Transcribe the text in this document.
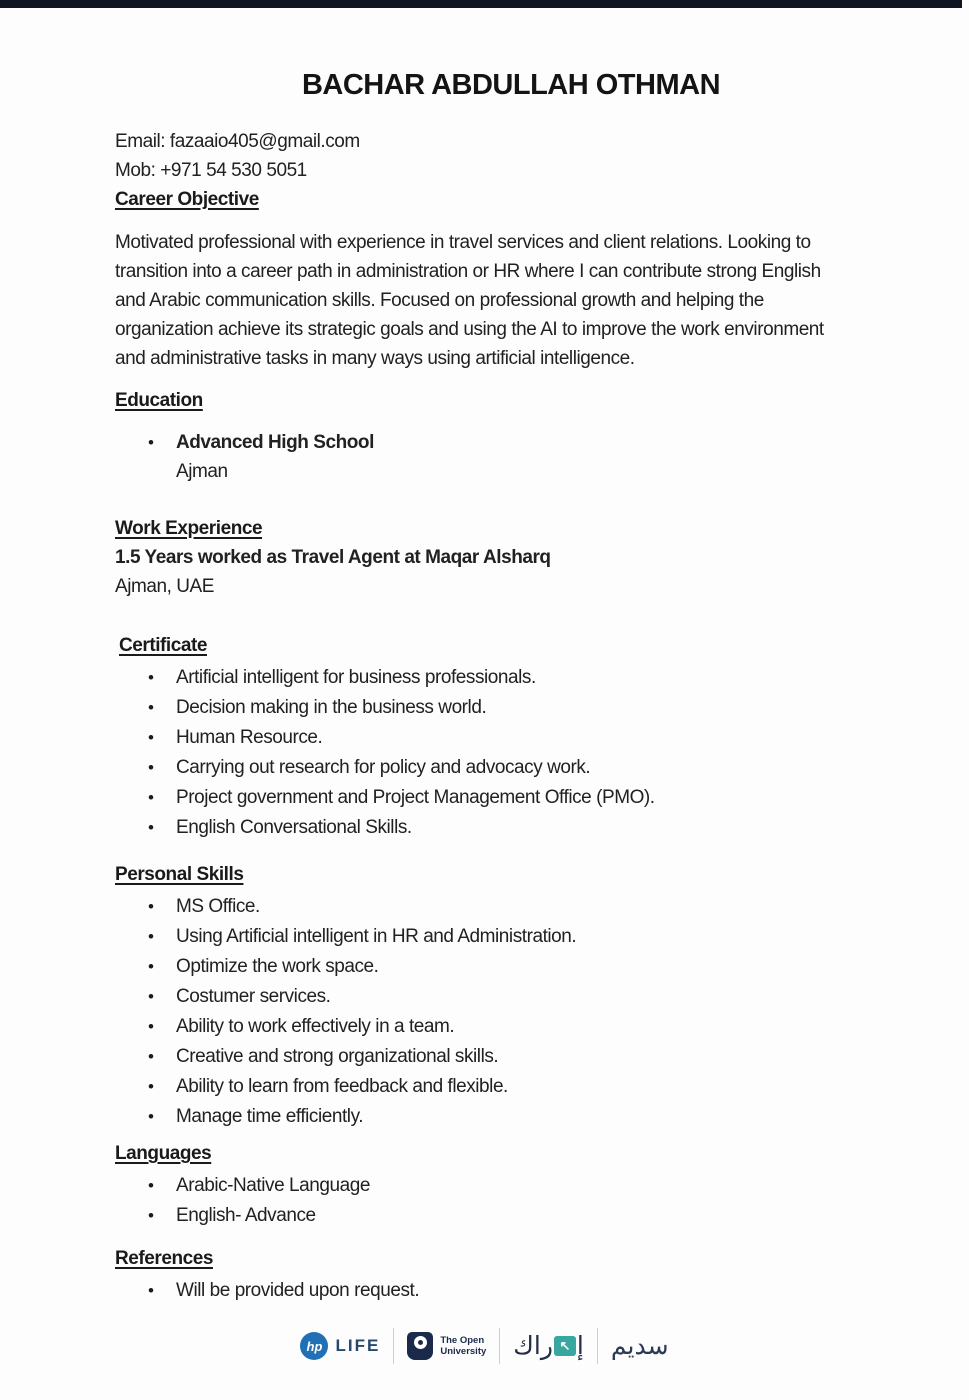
BACHAR ABDULLAH OTHMAN
Email: fazaaio405@gmail.com
Mob: +971 54 530 5051
Career Objective
Motivated professional with experience in travel services and client relations. Looking to
transition into a career path in administration or HR where I can contribute strong English
and Arabic communication skills. Focused on professional growth and helping the
organization achieve its strategic goals and using the AI to improve the work environment
and administrative tasks in many ways using artificial intelligence.
Education
•	Advanced High School
Ajman
Work Experience
1.5 Years worked as Travel Agent at Maqar Alsharq
Ajman, UAE
Certificate
•	Artificial intelligent for business professionals.
•	Decision making in the business world.
•	Human Resource.
•	Carrying out research for policy and advocacy work.
•	Project government and Project Management Office (PMO).
•	English Conversational Skills.
Personal Skills
•	MS Office.
•	Using Artificial intelligent in HR and Administration.
•	Optimize the work space.
•	Costumer services.
•	Ability to work effectively in a team.
•	Creative and strong organizational skills.
•	Ability to learn from feedback and flexible.
•	Manage time efficiently.
Languages
•	Arabic-Native Language
•	English- Advance
References
•	Will be provided upon request.
hp LIFE	The Open
University	إ
↖
راك سديم
